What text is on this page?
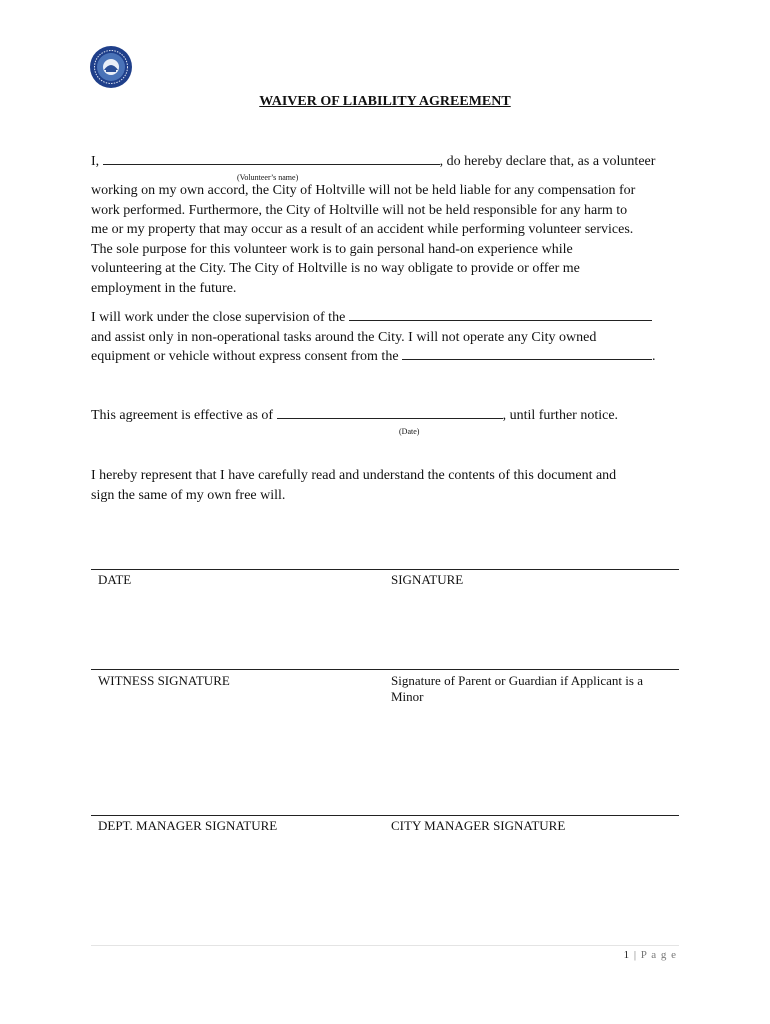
WAIVER OF LIABILITY AGREEMENT
I,	, do hereby declare that, as a volunteer
(Volunteer’s name)
working on my own accord, the City of Holtville will not be held liable for any compensation for
work performed. Furthermore, the City of Holtville will not be held responsible for any harm to
me or my property that may occur as a result of an accident while performing volunteer services.
The sole purpose for this volunteer work is to gain personal hand-on experience while
volunteering at the City. The City of Holtville is no way obligate to provide or offer me
employment in the future.
I will work under the close supervision of the
and assist only in non-operational tasks around the City. I will not operate any City owned
equipment or vehicle without express consent from the	.
This agreement is effective as of	, until further notice.
(Date)
I hereby represent that I have carefully read and understand the contents of this document and
sign the same of my own free will.
DATE	SIGNATURE
WITNESS SIGNATURE	Signature of Parent or Guardian if Applicant is a
Minor
DEPT. MANAGER SIGNATURE	CITY MANAGER SIGNATURE
1 | P a g e
